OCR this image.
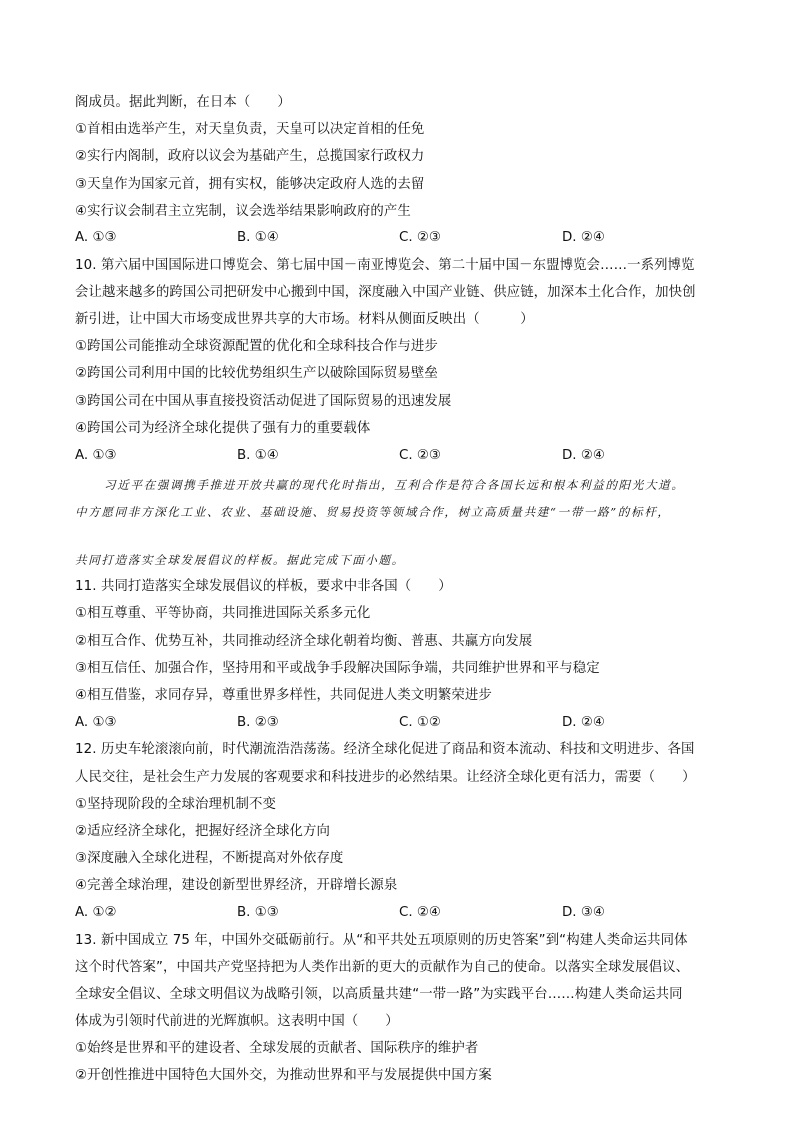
阁成员。据此判断，在日本（　　）
①首相由选举产生，对天皇负责，天皇可以决定首相的任免
②实行内阁制，政府以议会为基础产生，总揽国家行政权力
③天皇作为国家元首，拥有实权，能够决定政府人选的去留
④实行议会制君主立宪制，议会选举结果影响政府的产生
A. ①③	B. ①④	C. ②③	D. ②④
10. 第六届中国国际进口博览会、第七届中国－南亚博览会、第二十届中国－东盟博览会……一系列博览
会让越来越多的跨国公司把研发中心搬到中国，深度融入中国产业链、供应链，加深本土化合作，加快创
新引进，让中国大市场变成世界共享的大市场。材料从侧面反映出（　　　）
①跨国公司能推动全球资源配置的优化和全球科技合作与进步
②跨国公司利用中国的比较优势组织生产以破除国际贸易壁垒
③跨国公司在中国从事直接投资活动促进了国际贸易的迅速发展
④跨国公司为经济全球化提供了强有力的重要载体
A. ①③	B. ①④	C. ②③	D. ②④
习近平在强调携手推进开放共赢的现代化时指出，互利合作是符合各国长远和根本利益的阳光大道。
中方愿同非方深化工业、农业、基础设施、贸易投资等领域合作，树立高质量共建“一带一路”的标杆，
共同打造落实全球发展倡议的样板。据此完成下面小题。
11. 共同打造落实全球发展倡议的样板，要求中非各国（　　）
①相互尊重、平等协商，共同推进国际关系多元化
②相互合作、优势互补，共同推动经济全球化朝着均衡、普惠、共赢方向发展
③相互信任、加强合作，坚持用和平或战争手段解决国际争端，共同维护世界和平与稳定
④相互借鉴，求同存异，尊重世界多样性，共同促进人类文明繁荣进步
A. ①③	B. ②③	C. ①②	D. ②④
12. 历史车轮滚滚向前，时代潮流浩浩荡荡。经济全球化促进了商品和资本流动、科技和文明进步、各国
人民交往，是社会生产力发展的客观要求和科技进步的必然结果。让经济全球化更有活力，需要（　　）
①坚持现阶段的全球治理机制不变
②适应经济全球化，把握好经济全球化方向
③深度融入全球化进程，不断提高对外依存度
④完善全球治理，建设创新型世界经济，开辟增长源泉
A. ①②	B. ①③	C. ②④	D. ③④
13. 新中国成立 75 年，中国外交砥砺前行。从“和平共处五项原则的历史答案”到“构建人类命运共同体
这个时代答案”，中国共产党坚持把为人类作出新的更大的贡献作为自己的使命。以落实全球发展倡议、
全球安全倡议、全球文明倡议为战略引领，以高质量共建“一带一路”为实践平台……构建人类命运共同
体成为引领时代前进的光辉旗帜。这表明中国（　　）
①始终是世界和平的建设者、全球发展的贡献者、国际秩序的维护者
②开创性推进中国特色大国外交，为推动世界和平与发展提供中国方案
